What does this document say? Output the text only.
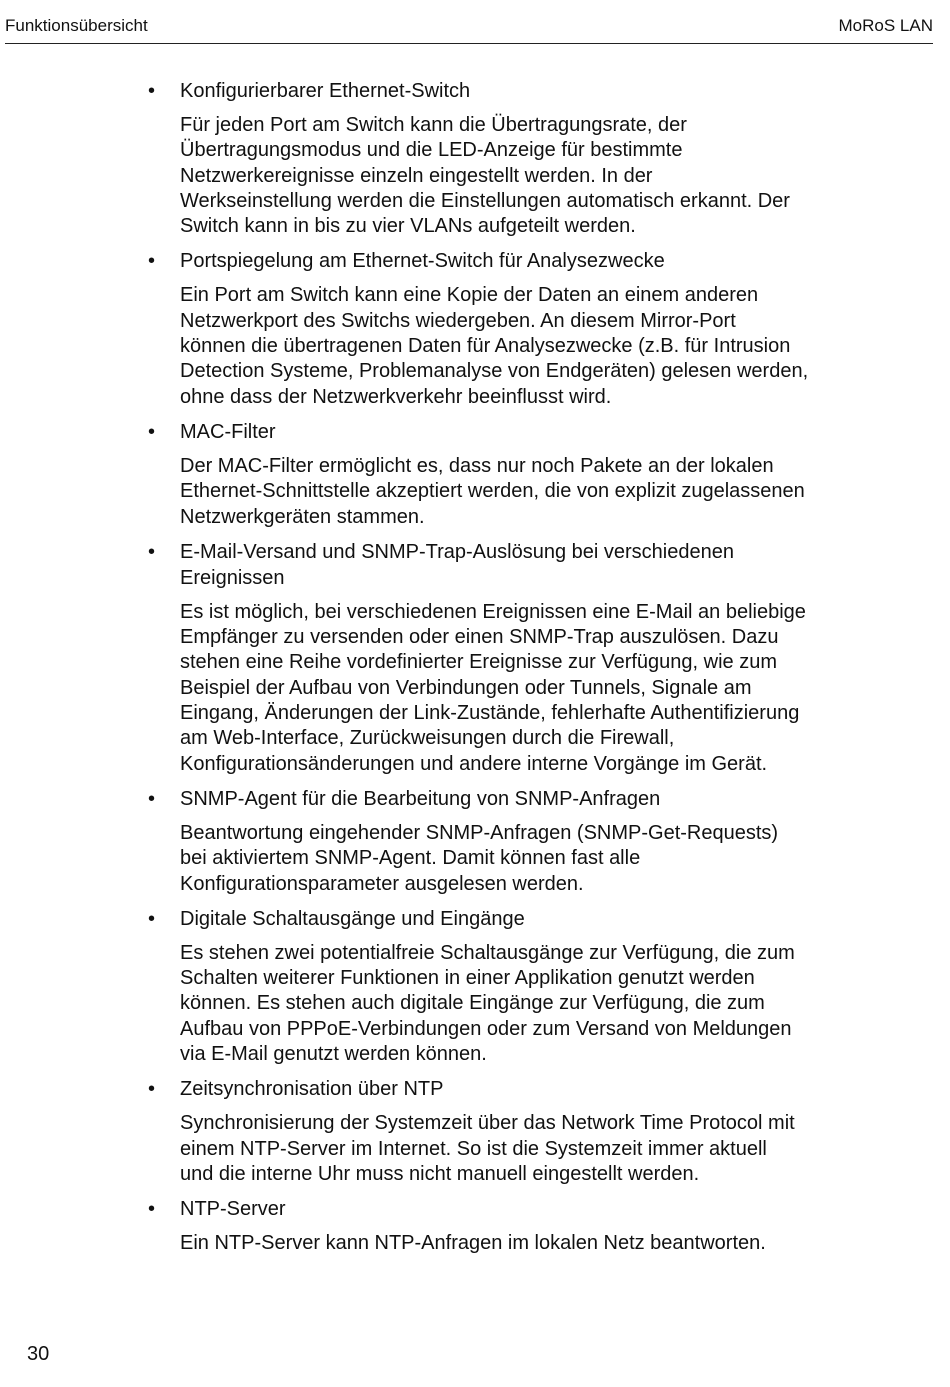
Funktionsübersicht	MoRoS LAN
• Konfigurierbarer Ethernet-Switch
Für jeden Port am Switch kann die Übertragungsrate, der
Übertragungsmodus und die LED-Anzeige für bestimmte
Netzwerkereignisse einzeln eingestellt werden. In der
Werkseinstellung werden die Einstellungen automatisch erkannt. Der
Switch kann in bis zu vier VLANs aufgeteilt werden.
• Portspiegelung am Ethernet-Switch für Analysezwecke
Ein Port am Switch kann eine Kopie der Daten an einem anderen
Netzwerkport des Switchs wiedergeben. An diesem Mirror-Port
können die übertragenen Daten für Analysezwecke (z.B. für Intrusion
Detection Systeme, Problemanalyse von Endgeräten) gelesen werden,
ohne dass der Netzwerkverkehr beeinflusst wird.
• MAC-Filter
Der MAC-Filter ermöglicht es, dass nur noch Pakete an der lokalen
Ethernet-Schnittstelle akzeptiert werden, die von explizit zugelassenen
Netzwerkgeräten stammen.
• E-Mail-Versand und SNMP-Trap-Auslösung bei verschiedenen
Ereignissen
Es ist möglich, bei verschiedenen Ereignissen eine E-Mail an beliebige
Empfänger zu versenden oder einen SNMP-Trap auszulösen. Dazu
stehen eine Reihe vordefinierter Ereignisse zur Verfügung, wie zum
Beispiel der Aufbau von Verbindungen oder Tunnels, Signale am
Eingang, Änderungen der Link-Zustände, fehlerhafte Authentifizierung
am Web-Interface, Zurückweisungen durch die Firewall,
Konfigurationsänderungen und andere interne Vorgänge im Gerät.
• SNMP-Agent für die Bearbeitung von SNMP-Anfragen
Beantwortung eingehender SNMP-Anfragen (SNMP-Get-Requests)
bei aktiviertem SNMP-Agent. Damit können fast alle
Konfigurationsparameter ausgelesen werden.
• Digitale Schaltausgänge und Eingänge
Es stehen zwei potentialfreie Schaltausgänge zur Verfügung, die zum
Schalten weiterer Funktionen in einer Applikation genutzt werden
können. Es stehen auch digitale Eingänge zur Verfügung, die zum
Aufbau von PPPoE-Verbindungen oder zum Versand von Meldungen
via E-Mail genutzt werden können.
• Zeitsynchronisation über NTP
Synchronisierung der Systemzeit über das Network Time Protocol mit
einem NTP-Server im Internet. So ist die Systemzeit immer aktuell
und die interne Uhr muss nicht manuell eingestellt werden.
• NTP-Server
Ein NTP-Server kann NTP-Anfragen im lokalen Netz beantworten.
30
